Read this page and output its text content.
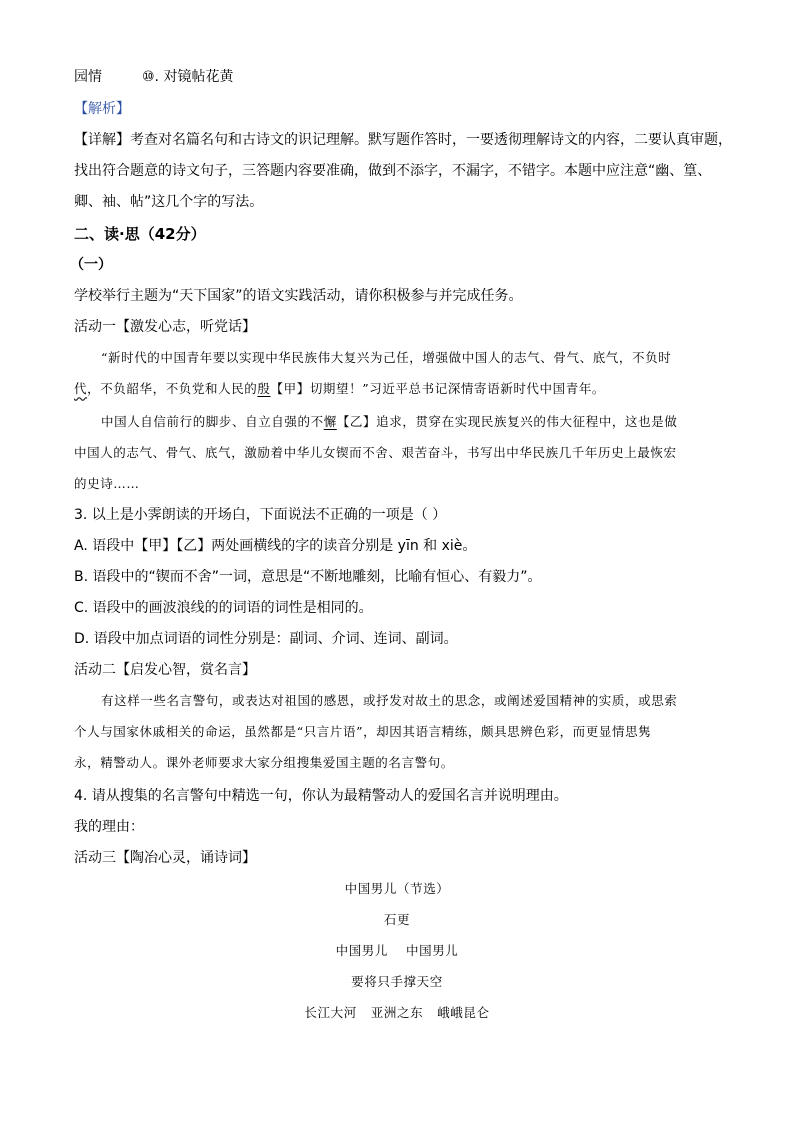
园情	⑩. 对镜帖花黄
【解析】
【详解】考查对名篇名句和古诗文的识记理解。默写题作答时，一要透彻理解诗文的内容，二要认真审题，
找出符合题意的诗文句子，三答题内容要准确，做到不添字，不漏字，不错字。本题中应注意“幽、篁、
卿、袖、帖”这几个字的写法。
二、读·思（42分）
（一）
学校举行主题为“天下国家”的语文实践活动，请你积极参与并完成任务。
活动一【激发心志，听党话】
“新时代的中国青年要以实现中华民族伟大复兴为己任，增强做中国人的志气、骨气、底气，不负时
代，不负韶华，不负党和人民的殷【甲】切期望！”习近平总书记深情寄语新时代中国青年。
中国人自信前行的脚步、自立自强的不懈【乙】追求，贯穿在实现民族复兴的伟大征程中，这也是做
中国人的志气、骨气、底气，激励着中华儿女锲而不舍、艰苦奋斗，书写出中华民族几千年历史上最恢宏
的史诗……
3. 以上是小霁朗读的开场白，下面说法不正确的一项是（ ）
A. 语段中【甲】【乙】两处画横线的字的读音分别是 yīn 和 xiè。
B. 语段中的“锲而不舍”一词，意思是“不断地雕刻，比喻有恒心、有毅力”。
C. 语段中的画波浪线的的词语的词性是相同的。
D. 语段中加点词语的词性分别是：副词、介词、连词、副词。
活动二【启发心智，赏名言】
有这样一些名言警句，或表达对祖国的感恩，或抒发对故土的思念，或阐述爱国精神的实质，或思索
个人与国家休戚相关的命运，虽然都是“只言片语”，却因其语言精练，颇具思辨色彩，而更显情思隽
永，精警动人。课外老师要求大家分组搜集爱国主题的名言警句。
4. 请从搜集的名言警句中精选一句，你认为最精警动人的爱国名言并说明理由。
我的理由：
活动三【陶冶心灵，诵诗词】
中国男儿（节选）
石更
中国男儿 中国男儿
要将只手撑天空
长江大河 亚洲之东 峨峨昆仑
